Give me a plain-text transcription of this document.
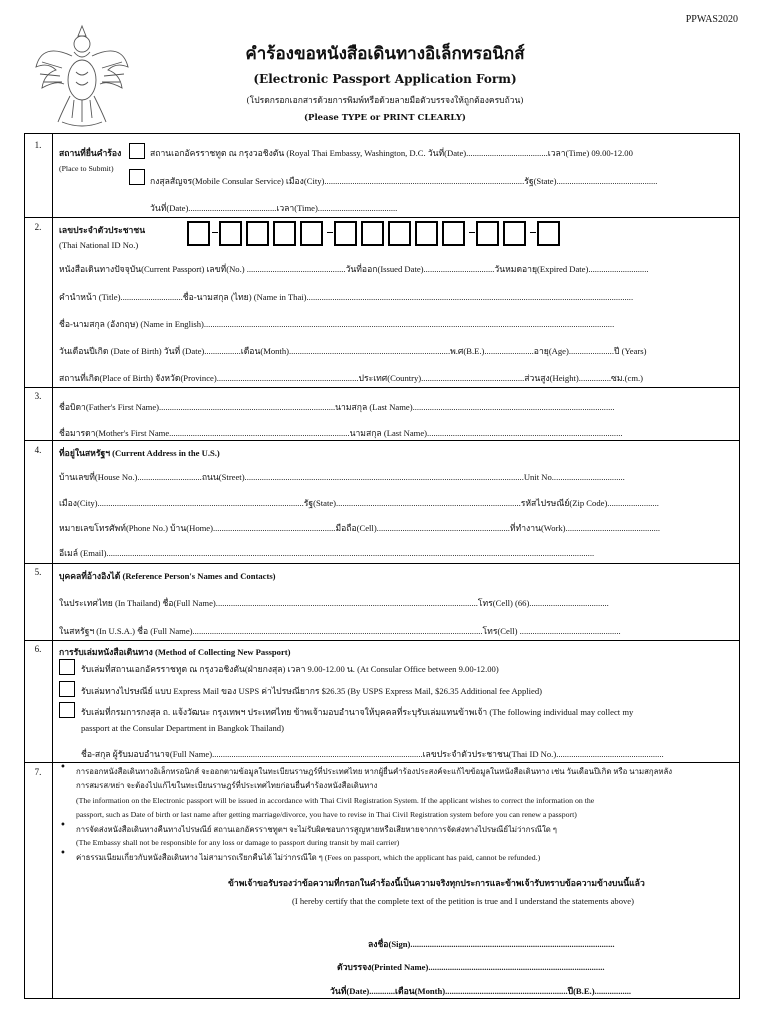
PPWAS2020
คำร้องขอหนังสือเดินทางอิเล็กทรอนิกส์
(Electronic Passport Application Form)
(โปรดกรอกเอกสารด้วยการพิมพ์หรือด้วยลายมือตัวบรรจงให้ถูกต้องครบถ้วน)
(Please TYPE or PRINT CLEARLY)
1.
สถานที่ยื่นคำร้อง
(Place to Submit)
สถานเอกอัครราชทูต ณ กรุงวอชิงตัน (Royal Thai Embassy, Washington, D.C. วันที่(Date)......................................เวลา(Time) 09.00-12.00
กงสุลสัญจร(Mobile Consular Service) เมือง(City).............................................................................................รัฐ(State)...............................................
วันที่(Date).........................................เวลา(Time).....................................
2.	เลขประจำตัวประชาชน
(Thai National ID No.)
หนังสือเดินทางปัจจุบัน(Current Passport) เลขที่(No.) ..............................................วันที่ออก(Issued Date).................................วันหมดอายุ(Expired Date)............................
คำนำหน้า (Title).............................ชื่อ-นามสกุล (ไทย) (Name in Thai)........................................................................................................................................................
ชื่อ-นามสกุล (อังกฤษ) (Name in English)...............................................................................................................................................................................................
วันเดือนปีเกิด (Date of Birth) วันที่ (Date).................เดือน(Month)...........................................................................พ.ศ(B.E.).......................อายุ(Age).....................ปี (Years)
สถานที่เกิด(Place of Birth) จังหวัด(Province)..................................................................ประเทศ(Country)................................................ส่วนสูง(Height)...............ซม.(cm.)
3.
ชื่อบิดา(Father's First Name)..................................................................................นามสกุล (Last Name)..............................................................................................
ชื่อมารดา(Mother's First Name....................................................................................นามสกุล (Last Name)...........................................................................................
4.	ที่อยู่ในสหรัฐฯ (Current Address in the U.S.)
บ้านเลขที่(House No.)..............................ถนน(Street)..................................................................................................................................Unit No..................................
เมือง(City)................................................................................................รัฐ(State)......................................................................................รหัสไปรษณีย์(Zip Code)........................
หมายเลขโทรศัพท์(Phone No.) บ้าน(Home).........................................................มือถือ(Cell)..............................................................ที่ทำงาน(Work)............................................
อีเมล์ (Email)...................................................................................................................................................................................................................................
5.	บุคคลที่อ้างอิงได้ (Reference Person's Names and Contacts)
ในประเทศไทย (In Thailand) ชื่อ(Full Name)..........................................................................................................................โทร(Cell) (66).....................................
ในสหรัฐฯ (In U.S.A.) ชื่อ (Full Name).......................................................................................................................................โทร(Cell) ...............................................
6.	การรับเล่มหนังสือเดินทาง (Method of Collecting New Passport)
รับเล่มที่สถานเอกอัครราชทูต ณ กรุงวอชิงตัน(ฝ่ายกงสุล) เวลา 9.00-12.00 น. (At Consular Office between 9.00-12.00)
รับเล่มทางไปรษณีย์ แบบ Express Mail ของ USPS ค่าไปรษณียากร $26.35 (By USPS Express Mail, $26.35 Additional fee Applied)
รับเล่มที่กรมการกงสุล ถ. แจ้งวัฒนะ กรุงเทพฯ ประเทศไทย ข้าพเจ้ามอบอำนาจให้บุคคลที่ระบุรับเล่มแทนข้าพเจ้า (The following individual may collect my
passport at the Consular Department in Bangkok Thailand)
ชื่อ-สกุล ผู้รับมอบอำนาจ(Full Name)..................................................................................................เลขประจำตัวประชาชน(Thai ID No.)..................................................
7.	• การออกหนังสือเดินทางอิเล็กทรอนิกส์ จะออกตามข้อมูลในทะเบียนราษฎร์ที่ประเทศไทย หากผู้ยื่นคำร้องประสงค์จะแก้ไขข้อมูลในหนังสือเดินทาง เช่น วันเดือนปีเกิด หรือ นามสกุลหลัง
การสมรส/หย่า จะต้องไปแก้ไขในทะเบียนราษฎร์ที่ประเทศไทยก่อนยื่นคำร้องหนังสือเดินทาง
(The information on the Electronic passport will be issued in accordance with Thai Civil Registration System. If the applicant wishes to correct the information on the
passport, such as Date of birth or last name after getting marriage/divorce, you have to revise in Thai Civil Registration system before you can renew a passport)
• การจัดส่งหนังสือเดินทางคืนทางไปรษณีย์ สถานเอกอัครราชทูตฯ จะไม่รับผิดชอบการสูญหายหรือเสียหายจากการจัดส่งทางไปรษณีย์ไม่ว่ากรณีใด ๆ
(The Embassy shall not be responsible for any loss or damage to passport during transit by mail carrier)
• ค่าธรรมเนียมเกี่ยวกับหนังสือเดินทาง ไม่สามารถเรียกคืนได้ ไม่ว่ากรณีใด ๆ (Fees on passport, which the applicant has paid, cannot be refunded.)
ข้าพเจ้าขอรับรองว่าข้อความที่กรอกในคำร้องนี้เป็นความจริงทุกประการและข้าพเจ้ารับทราบข้อความข้างบนนี้แล้ว
(I hereby certify that the complete text of the petition is true and I understand the statements above)
ลงชื่อ(Sign)...............................................................................................
ตัวบรรจง(Printed Name)..................................................................................
วันที่(Date)............เดือน(Month).........................................................ปี(B.E.).................
